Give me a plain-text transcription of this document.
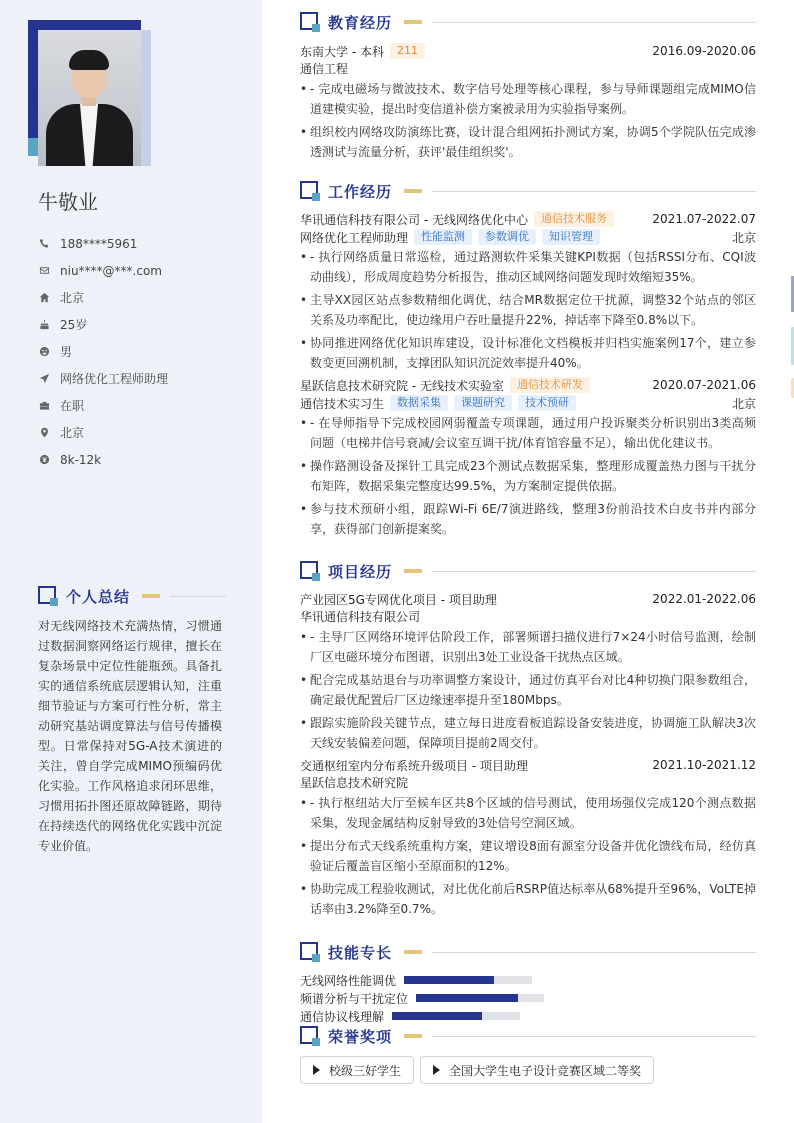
牛敬业
188****5961
niu****@***.com
北京
25岁
男
网络优化工程师助理
在职
北京
8k-12k
个人总结
对无线网络技术充满热情，习惯通过数据洞察网络运行规律，擅长在复杂场景中定位性能瓶颈。具备扎实的通信系统底层逻辑认知，注重细节验证与方案可行性分析，常主动研究基站调度算法与信号传播模型。日常保持对5G-A技术演进的关注，曾自学完成MIMO预编码优化实验。工作风格追求闭环思维，习惯用拓扑图还原故障链路，期待在持续迭代的网络优化实践中沉淀专业价值。
教育经历
东南大学 - 本科	211	2016.09-2020.06
通信工程
• - 完成电磁场与微波技术、数字信号处理等核心课程，参与导师课题组完成MIMO信道建模实验，提出时变信道补偿方案被录用为实验指导案例。
• 组织校内网络攻防演练比赛，设计混合组网拓扑测试方案，协调5个学院队伍完成渗透测试与流量分析，获评'最佳组织奖'。
工作经历
华讯通信科技有限公司 - 无线网络优化中心	通信技术服务	2021.07-2022.07
网络优化工程师助理	性能监测	参数调优	知识管理	北京
• - 执行网络质量日常巡检，通过路测软件采集关键KPI数据（包括RSSI分布、CQI波动曲线），形成周度趋势分析报告，推动区域网络问题发现时效缩短35%。
• 主导XX园区站点参数精细化调优，结合MR数据定位干扰源，调整32个站点的邻区关系及功率配比，使边缘用户吞吐量提升22%，掉话率下降至0.8%以下。
• 协同推进网络优化知识库建设，设计标准化文档模板并归档实施案例17个，建立参数变更回溯机制，支撑团队知识沉淀效率提升40%。
星跃信息技术研究院 - 无线技术实验室	通信技术研发	2020.07-2021.06
通信技术实习生	数据采集	课题研究	技术预研	北京
• - 在导师指导下完成校园网弱覆盖专项课题，通过用户投诉聚类分析识别出3类高频问题（电梯井信号衰减/会议室互调干扰/体育馆容量不足），输出优化建议书。
• 操作路测设备及探针工具完成23个测试点数据采集，整理形成覆盖热力图与干扰分布矩阵，数据采集完整度达99.5%，为方案制定提供依据。
• 参与技术预研小组，跟踪Wi-Fi 6E/7演进路线，整理3份前沿技术白皮书并内部分享，获得部门创新提案奖。
项目经历
产业园区5G专网优化项目 - 项目助理	2022.01-2022.06
华讯通信科技有限公司
• - 主导厂区网络环境评估阶段工作，部署频谱扫描仪进行7×24小时信号监测，绘制厂区电磁环境分布图谱，识别出3处工业设备干扰热点区域。
• 配合完成基站退台与功率调整方案设计，通过仿真平台对比4种切换门限参数组合，确定最优配置后厂区边缘速率提升至180Mbps。
• 跟踪实施阶段关键节点，建立每日进度看板追踪设备安装进度，协调施工队解决3次天线安装偏差问题，保障项目提前2周交付。
交通枢纽室内分布系统升级项目 - 项目助理	2021.10-2021.12
星跃信息技术研究院
• - 执行枢纽站大厅至候车区共8个区域的信号测试，使用场强仪完成120个测点数据采集，发现金属结构反射导致的3处信号空洞区域。
• 提出分布式天线系统重构方案，建议增设8面有源室分设备并优化馈线布局，经仿真验证后覆盖盲区缩小至原面积的12%。
• 协助完成工程验收测试，对比优化前后RSRP值达标率从68%提升至96%，VoLTE掉话率由3.2%降至0.7%。
技能专长
无线网络性能调优
频谱分析与干扰定位
通信协议栈理解
荣誉奖项
校级三好学生	全国大学生电子设计竞赛区域二等奖
